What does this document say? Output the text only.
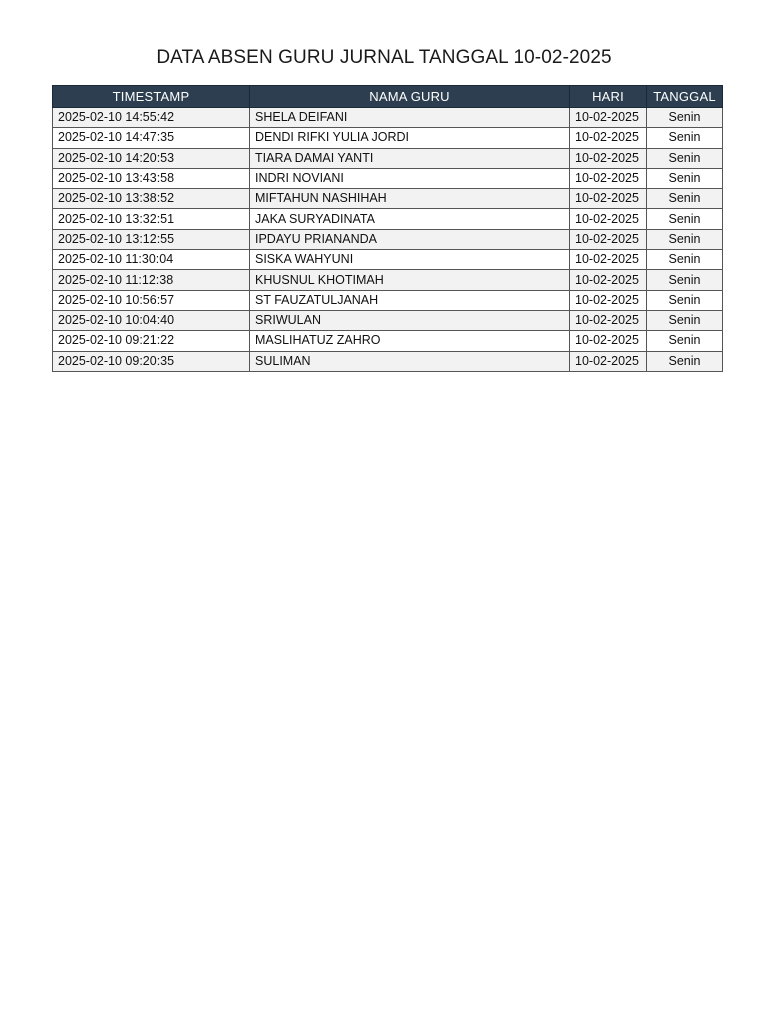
DATA ABSEN GURU JURNAL TANGGAL 10-02-2025
TIMESTAMP	NAMA GURU	HARI	TANGGAL
2025-02-10 14:55:42	SHELA DEIFANI	10-02-2025	Senin
2025-02-10 14:47:35	DENDI RIFKI YULIA JORDI	10-02-2025	Senin
2025-02-10 14:20:53	TIARA DAMAI YANTI	10-02-2025	Senin
2025-02-10 13:43:58	INDRI NOVIANI	10-02-2025	Senin
2025-02-10 13:38:52	MIFTAHUN NASHIHAH	10-02-2025	Senin
2025-02-10 13:32:51	JAKA SURYADINATA	10-02-2025	Senin
2025-02-10 13:12:55	IPDAYU PRIANANDA	10-02-2025	Senin
2025-02-10 11:30:04	SISKA WAHYUNI	10-02-2025	Senin
2025-02-10 11:12:38	KHUSNUL KHOTIMAH	10-02-2025	Senin
2025-02-10 10:56:57	ST FAUZATULJANAH	10-02-2025	Senin
2025-02-10 10:04:40	SRIWULAN	10-02-2025	Senin
2025-02-10 09:21:22	MASLIHATUZ ZAHRO	10-02-2025	Senin
2025-02-10 09:20:35	SULIMAN	10-02-2025	Senin
